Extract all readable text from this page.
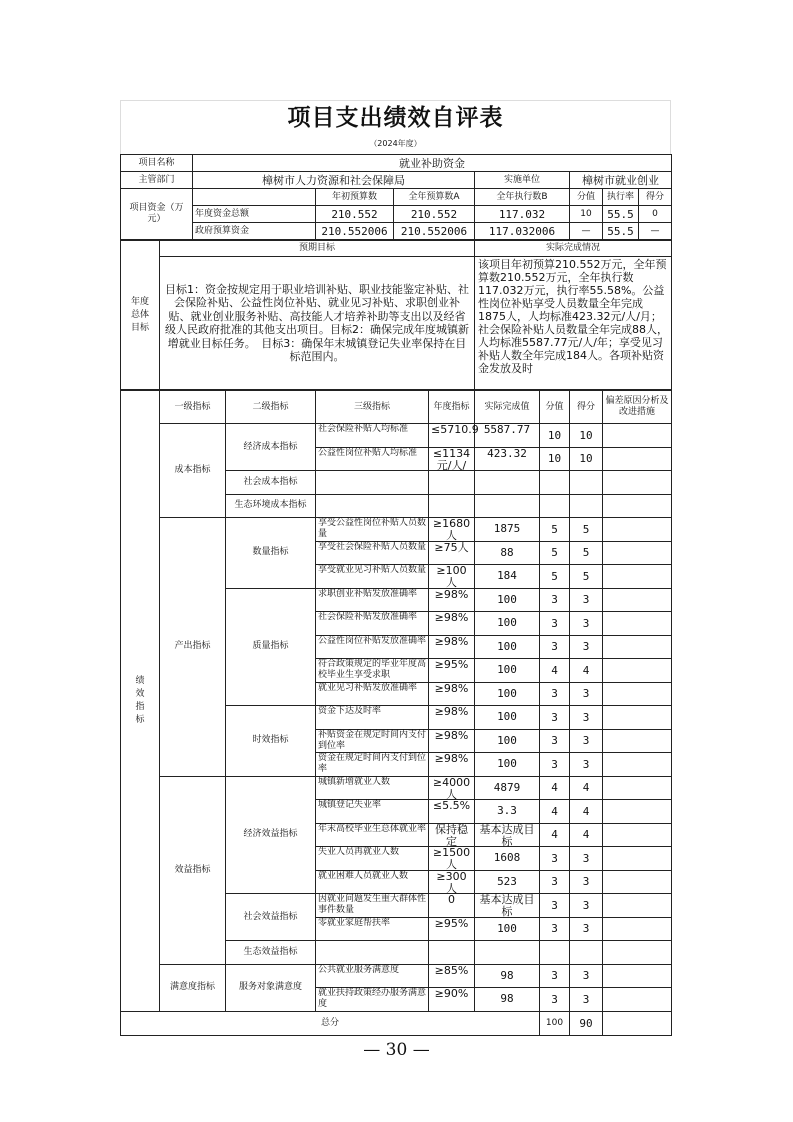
项目支出绩效自评表
（2024年度）
项目名称	就业补助资金						
主管部门	樟树市人力资源和社会保障局			实施单位	樟树市就业创业		
项目资金（万元）		年初预算数	全年预算数A	全年执行数B	分值	执行率	得分
	年度资金总额	210.552	210.552	117.032	10	55.5	0
	政府预算资金	210.552006	210.552006	117.032006	—	55.5	—
年度总体目标	预期目标	实际完成情况
	目标1：资金按规定用于职业培训补贴、职业技能鉴定补贴、社会保险补贴、公益性岗位补贴、就业见习补贴、求职创业补贴、就业创业服务补贴、高技能人才培养补助等支出以及经省级人民政府批准的其他支出项目。目标2：确保完成年度城镇新增就业目标任务。　目标3：确保年末城镇登记失业率保持在目标范围内。	该项目年初预算210.552万元，全年预算数210.552万元，全年执行数117.032万元，执行率55.58%。公益性岗位补贴享受人员数量全年完成1875人，人均标准423.32元/人/月；社会保险补贴人员数量全年完成88人，人均标准5587.77元/人/年；享受见习补贴人数全年完成184人。各项补贴资金发放及时
绩效指标	一级指标	二级指标	三级指标	年度指标	实际完成值	分值	得分	偏差原因分析及改进措施
	成本指标	经济成本指标	社会保险补贴人均标准	≤5710.9	5587.77	10	10	

			公益性岗位补贴人均标准	≤1134元/人/	423.32	10	10	
		社会成本指标	

		生态环境成本指标	

	产出指标	数量指标	享受公益性岗位补贴人员数量	≥1680人	1875	5	5	

			享受社会保险补贴人员数量	≥75人	88	5	5	

			享受就业见习补贴人员数量	≥100人	184	5	5	
		质量指标	求职创业补贴发放准确率	≥98%	100	3	3	

			社会保险补贴发放准确率	≥98%	100	3	3	

			公益性岗位补贴发放准确率	≥98%	100	3	3	

			符合政策规定的毕业年度高校毕业生享受求职	≥95%	100	4	4	

			就业见习补贴发放准确率	≥98%	100	3	3	
		时效指标	资金下达及时率	≥98%	100	3	3	

			补贴资金在规定时间内支付到位率	≥98%	100	3	3	

			资金在规定时间内支付到位率	≥98%	100	3	3	
	效益指标	经济效益指标	城镇新增就业人数	≥4000人	4879	4	4	

			城镇登记失业率	≤5.5%	3.3	4	4	

			年末高校毕业生总体就业率	保持稳定	基本达成目标	4	4	

			失业人员再就业人数	≥1500人	1608	3	3	

			就业困难人员就业人数	≥300人	523	3	3	
		社会效益指标	因就业问题发生重大群体性事件数量	0	基本达成目标	3	3	

			零就业家庭帮扶率	≥95%	100	3	3	
		生态效益指标	

	满意度指标	服务对象满意度	公共就业服务满意度	≥85%	98	3	3	

			就业扶持政策经办服务满意度	≥90%	98	3	3	
总分						100	90	
— 30 —
